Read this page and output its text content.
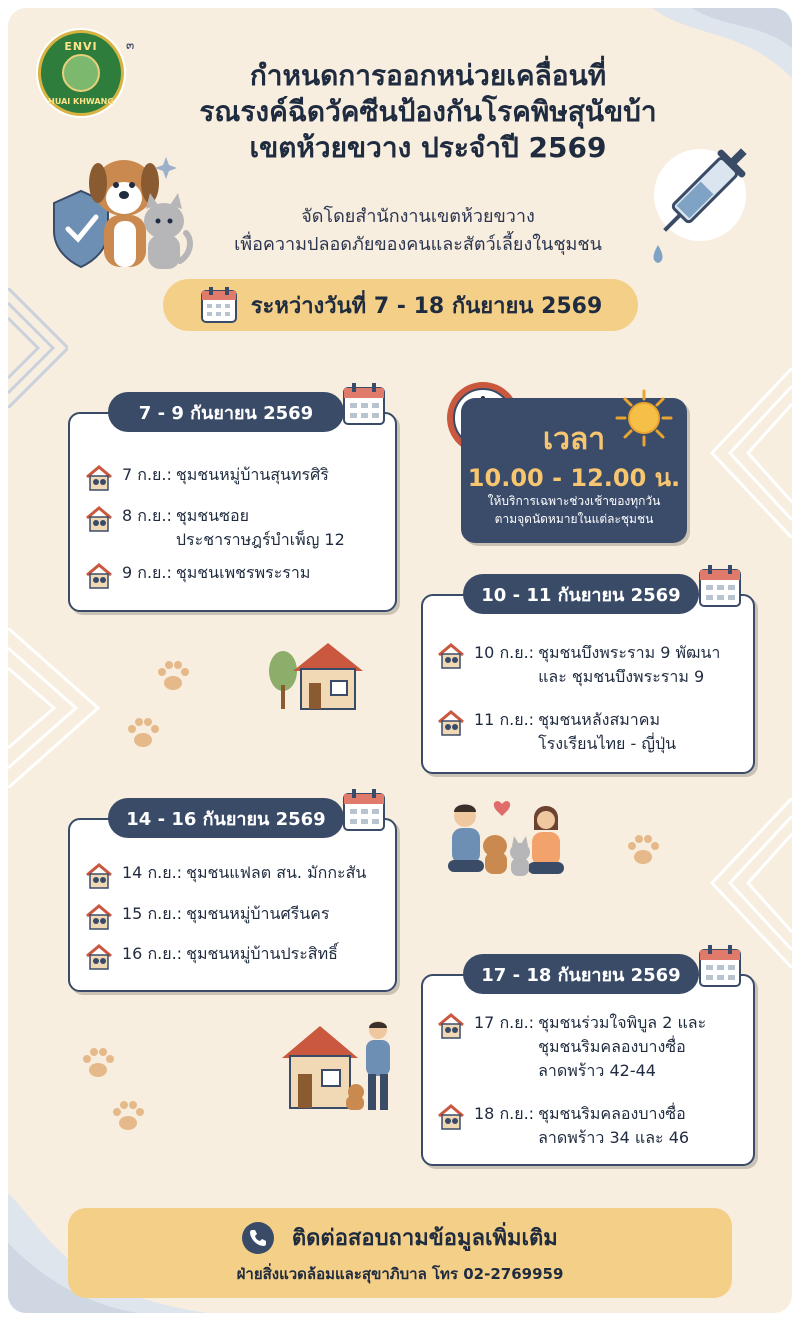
ENVI
HUAI KHWANG
๓
กำหนดการออกหน่วยเคลื่อนที่
รณรงค์ฉีดวัคซีนป้องกันโรคพิษสุนัขบ้า
เขตห้วยขวาง ประจำปี 2569
จัดโดยสำนักงานเขตห้วยขวาง
เพื่อความปลอดภัยของคนและสัตว์เลี้ยงในชุมชน
ระหว่างวันที่ 7 - 18 กันยายน 2569
7 - 9 กันยายน 2569
7 ก.ย.: ชุมชนหมู่บ้านสุนทรศิริ
8 ก.ย.: ชุมชนซอย
ประชาราษฎร์บำเพ็ญ 12
9 ก.ย.: ชุมชนเพชรพระราม
เวลา
10.00 - 12.00 น.
ให้บริการเฉพาะช่วงเช้าของทุกวัน
ตามจุดนัดหมายในแต่ละชุมชน
10 - 11 กันยายน 2569
10 ก.ย.: ชุมชนบึงพระราม 9 พัฒนา
และ ชุมชนบึงพระราม 9
11 ก.ย.: ชุมชนหลังสมาคม
โรงเรียนไทย - ญี่ปุ่น
14 - 16 กันยายน 2569
14 ก.ย.: ชุมชนแฟลต สน. มักกะสัน
15 ก.ย.: ชุมชนหมู่บ้านศรีนคร
16 ก.ย.: ชุมชนหมู่บ้านประสิทธิ์
17 - 18 กันยายน 2569
17 ก.ย.: ชุมชนร่วมใจพิบูล 2 และ
ชุมชนริมคลองบางซื่อ
ลาดพร้าว 42-44
18 ก.ย.: ชุมชนริมคลองบางซื่อ
ลาดพร้าว 34 และ 46
ติดต่อสอบถามข้อมูลเพิ่มเติม
ฝ่ายสิ่งแวดล้อมและสุขาภิบาล โทร 02-2769959
